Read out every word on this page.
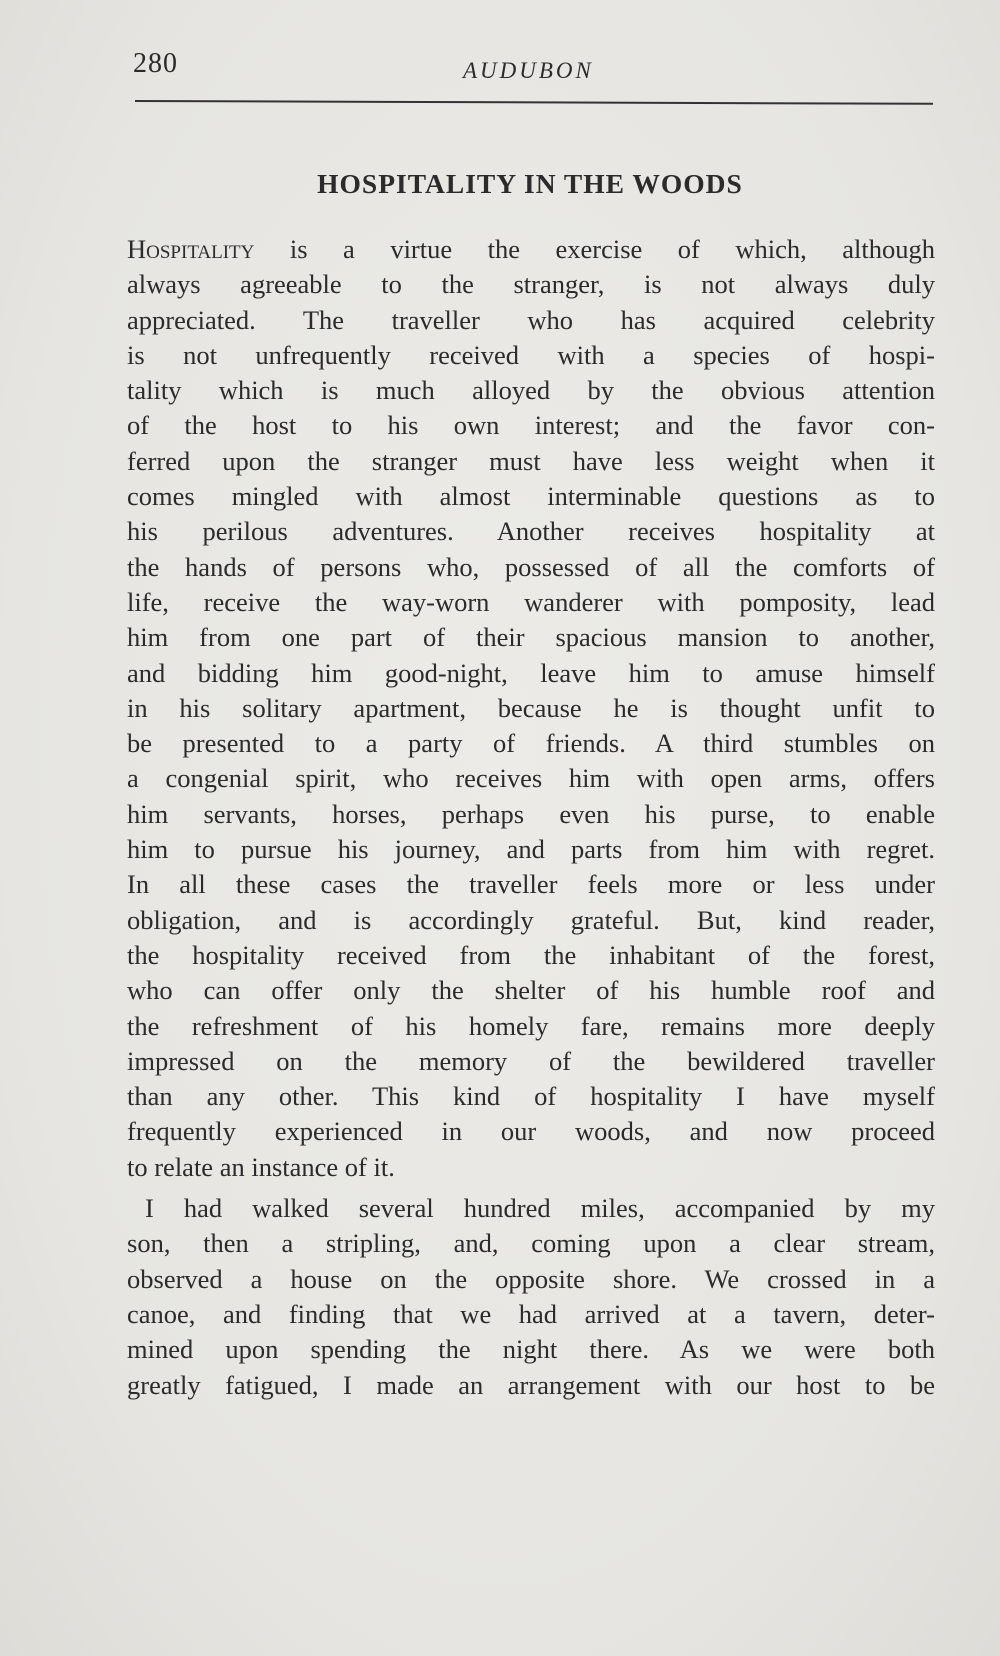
280	AUDUBON
HOSPITALITY IN THE WOODS
Hospitality is a virtue the exercise of which, although
always agreeable to the stranger, is not always duly
appreciated. The traveller who has acquired celebrity
is not unfrequently received with a species of hospi-
tality which is much alloyed by the obvious attention
of the host to his own interest; and the favor con-
ferred upon the stranger must have less weight when it
comes mingled with almost interminable questions as to
his perilous adventures. Another receives hospitality at
the hands of persons who, possessed of all the comforts of
life, receive the way-worn wanderer with pomposity, lead
him from one part of their spacious mansion to another,
and bidding him good-night, leave him to amuse himself
in his solitary apartment, because he is thought unfit to
be presented to a party of friends. A third stumbles on
a congenial spirit, who receives him with open arms, offers
him servants, horses, perhaps even his purse, to enable
him to pursue his journey, and parts from him with regret.
In all these cases the traveller feels more or less under
obligation, and is accordingly grateful. But, kind reader,
the hospitality received from the inhabitant of the forest,
who can offer only the shelter of his humble roof and
the refreshment of his homely fare, remains more deeply
impressed on the memory of the bewildered traveller
than any other. This kind of hospitality I have myself
frequently experienced in our woods, and now proceed
to relate an instance of it.
I had walked several hundred miles, accompanied by my
son, then a stripling, and, coming upon a clear stream,
observed a house on the opposite shore. We crossed in a
canoe, and finding that we had arrived at a tavern, deter-
mined upon spending the night there. As we were both
greatly fatigued, I made an arrangement with our host to be
